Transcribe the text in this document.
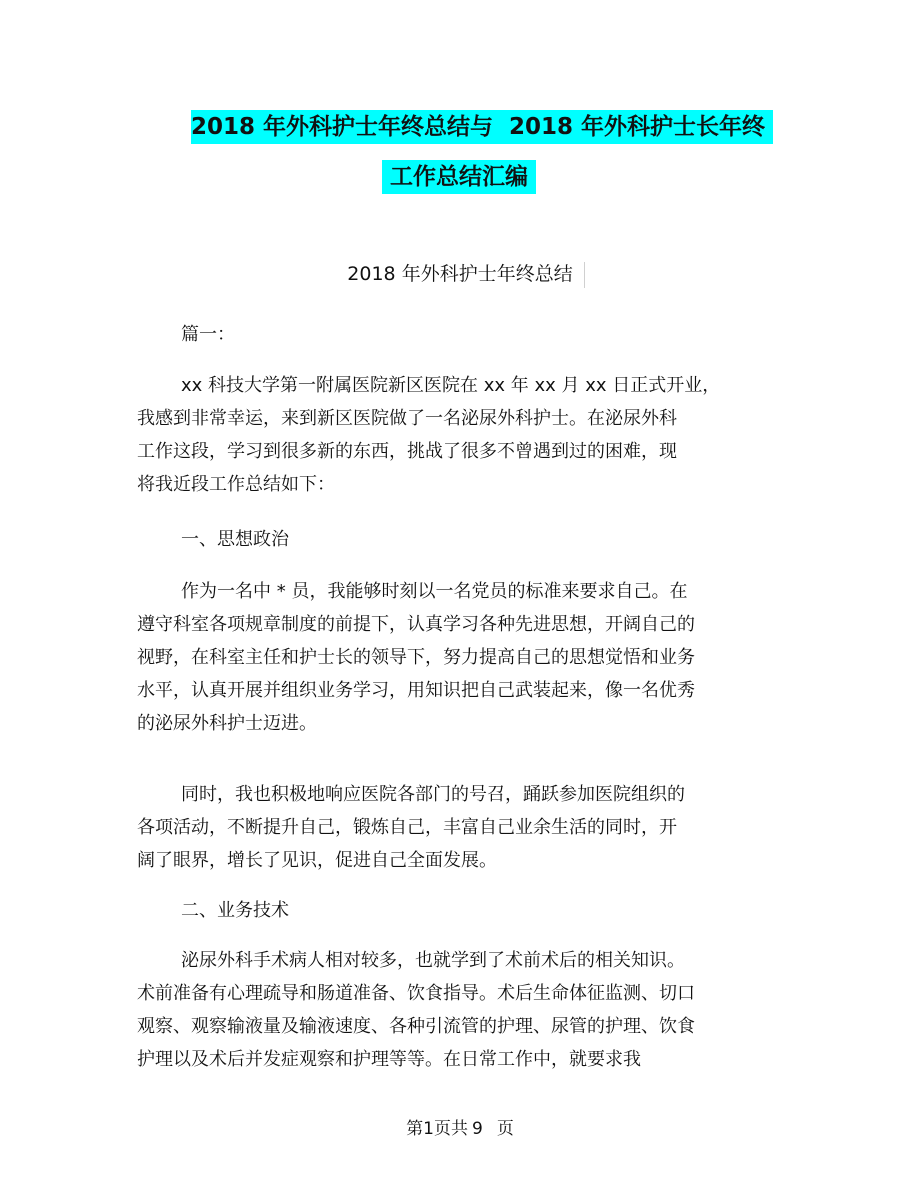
2018 年外科护士年终总结与 2018 年外科护士长年终
工作总结汇编
2018 年外科护士年终总结
篇一：
xx 科技大学第一附属医院新区医院在 xx 年 xx 月 xx 日正式开业，
我感到非常幸运，来到新区医院做了一名泌尿外科护士。在泌尿外科
工作这段，学习到很多新的东西，挑战了很多不曾遇到过的困难，现
将我近段工作总结如下：
一、思想政治
作为一名中 * 员，我能够时刻以一名党员的标准来要求自己。在
遵守科室各项规章制度的前提下，认真学习各种先进思想，开阔自己的
视野，在科室主任和护士长的领导下，努力提高自己的思想觉悟和业务
水平，认真开展并组织业务学习，用知识把自己武装起来，像一名优秀
的泌尿外科护士迈进。
同时，我也积极地响应医院各部门的号召，踊跃参加医院组织的
各项活动，不断提升自己，锻炼自己，丰富自己业余生活的同时，开
阔了眼界，增长了见识，促进自己全面发展。
二、业务技术
泌尿外科手术病人相对较多，也就学到了术前术后的相关知识。
术前准备有心理疏导和肠道准备、饮食指导。术后生命体征监测、切口
观察、观察输液量及输液速度、各种引流管的护理、尿管的护理、饮食
护理以及术后并发症观察和护理等等。在日常工作中，就要求我
第1页共 9 页
